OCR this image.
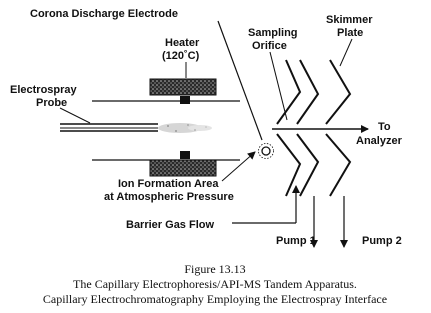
Corona Discharge Electrode
Heater
(120˚C)
Electrospray
Probe
Sampling
Orifice
Skimmer
Plate
To
Analyzer
Ion Formation Area
at Atmospheric Pressure
Barrier Gas Flow
Pump 1	Pump 2
Figure 13.13
The Capillary Electrophoresis/API-MS Tandem Apparatus.
Capillary Electrochromatography Employing the Electrospray Interface
